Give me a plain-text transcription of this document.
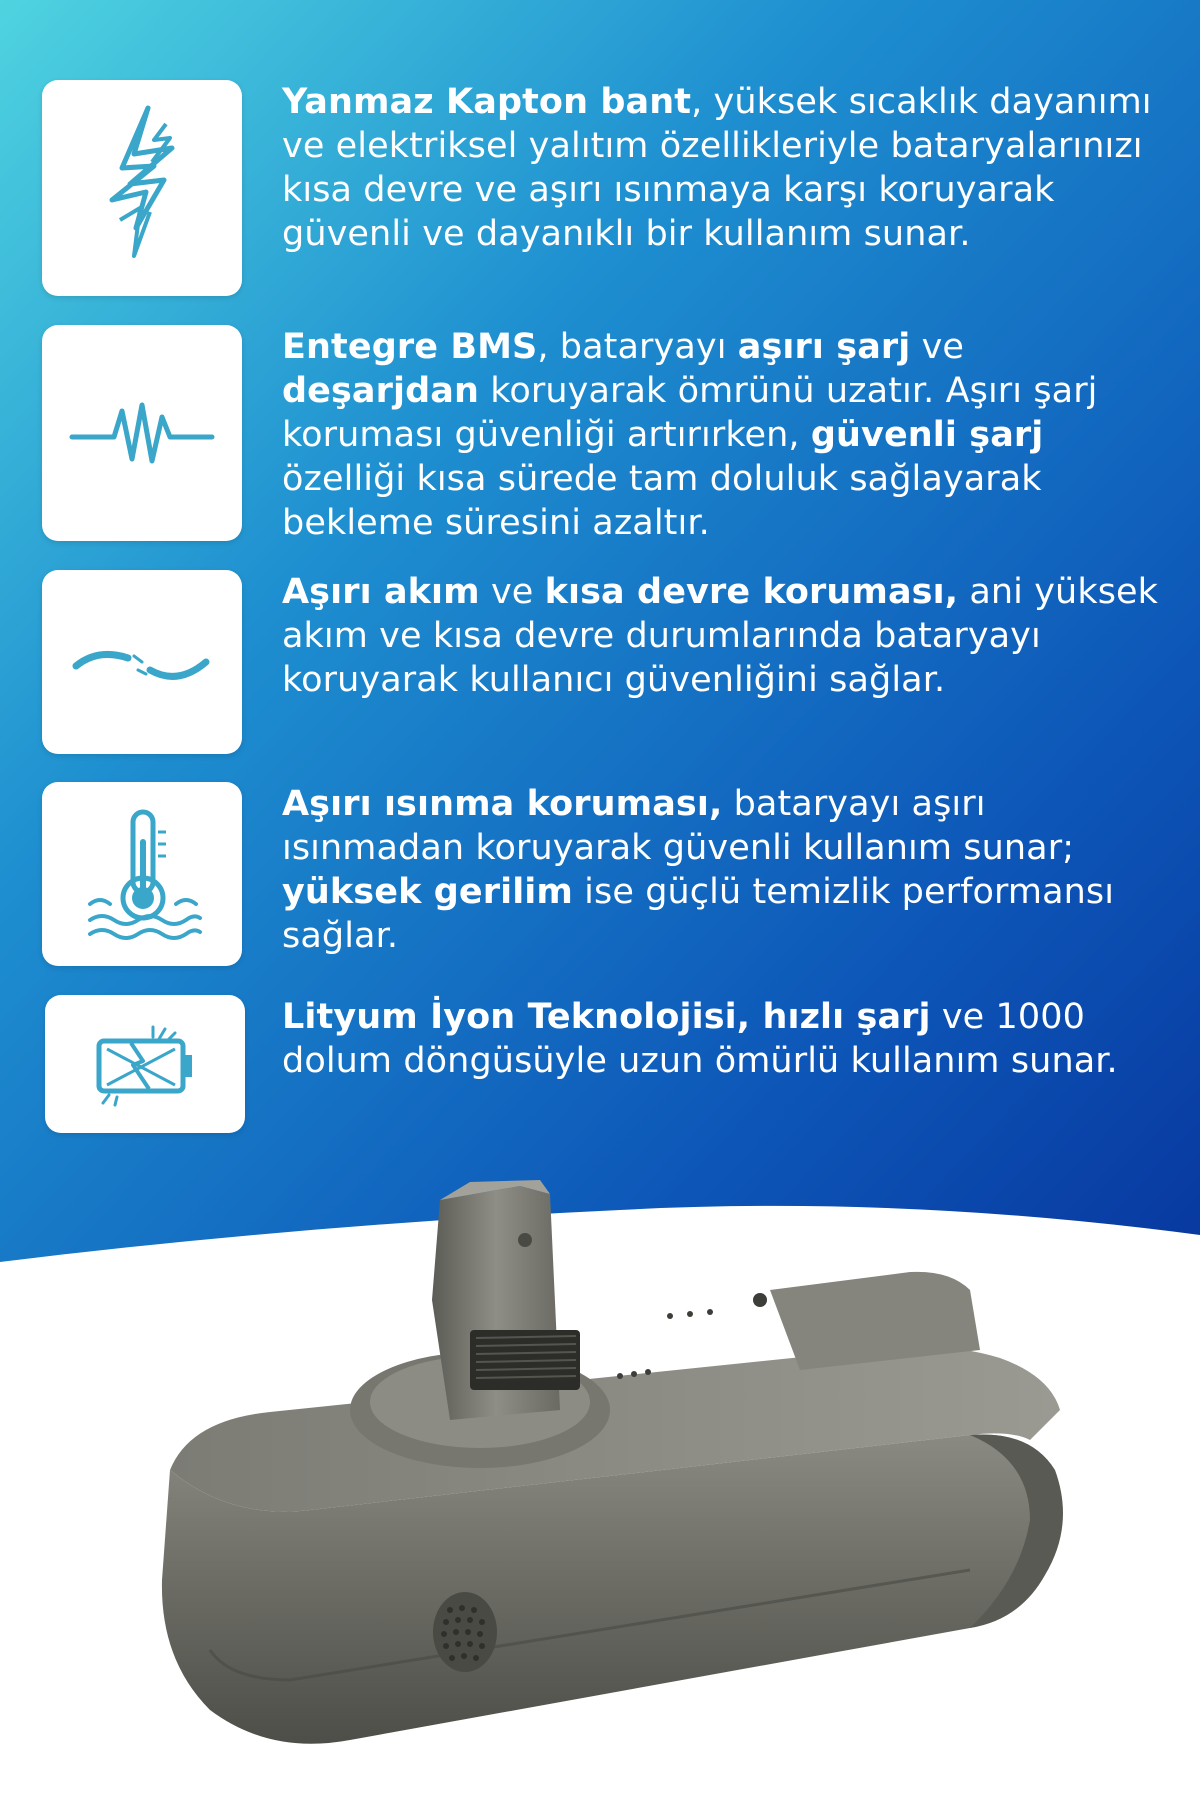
Yanmaz Kapton bant, yüksek sıcaklık dayanımı ve elektriksel yalıtım özellikleriyle bataryalarınızı kısa devre ve aşırı ısınmaya karşı koruyarak güvenli ve dayanıklı bir kullanım sunar.
Entegre BMS, bataryayı aşırı şarj ve deşarjdan koruyarak ömrünü uzatır. Aşırı şarj koruması güvenliği artırırken, güvenli şarj özelliği kısa sürede tam doluluk sağlayarak bekleme süresini azaltır.
Aşırı akım ve kısa devre koruması, ani yüksek akım ve kısa devre durumlarında bataryayı koruyarak kullanıcı güvenliğini sağlar.
Aşırı ısınma koruması, bataryayı aşırı ısınmadan koruyarak güvenli kullanım sunar; yüksek gerilim ise güçlü temizlik performansı sağlar.
Lityum İyon Teknolojisi, hızlı şarj ve 1000 dolum döngüsüyle uzun ömürlü kullanım sunar.
